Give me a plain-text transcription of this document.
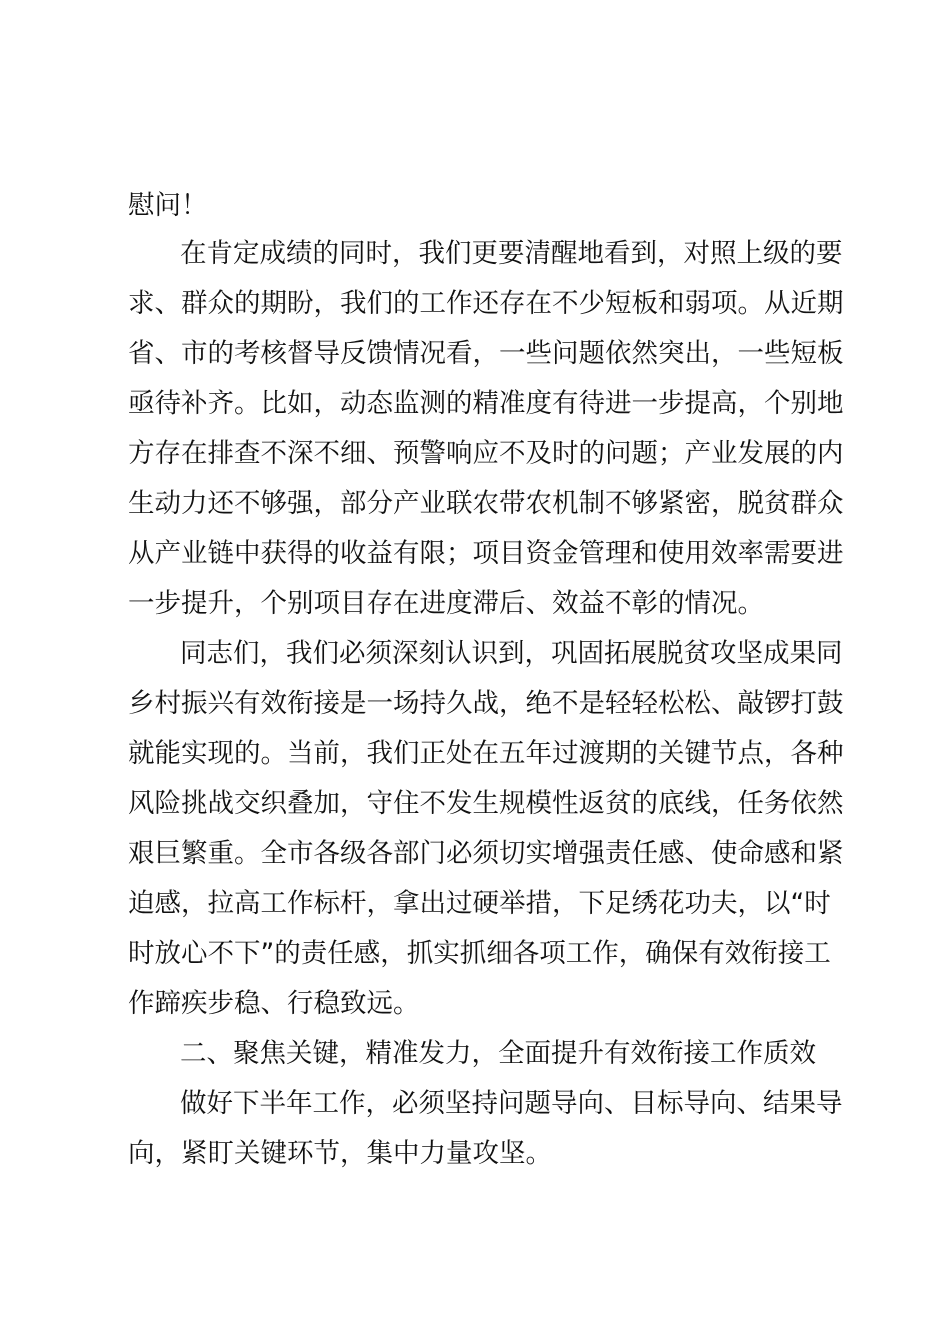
慰问！
在肯定成绩的同时，我们更要清醒地看到，对照上级的要
求、群众的期盼，我们的工作还存在不少短板和弱项。从近期
省、市的考核督导反馈情况看，一些问题依然突出，一些短板
亟待补齐。比如，动态监测的精准度有待进一步提高，个别地
方存在排查不深不细、预警响应不及时的问题；产业发展的内
生动力还不够强，部分产业联农带农机制不够紧密，脱贫群众
从产业链中获得的收益有限；项目资金管理和使用效率需要进
一步提升，个别项目存在进度滞后、效益不彰的情况。
同志们，我们必须深刻认识到，巩固拓展脱贫攻坚成果同
乡村振兴有效衔接是一场持久战，绝不是轻轻松松、敲锣打鼓
就能实现的。当前，我们正处在五年过渡期的关键节点，各种
风险挑战交织叠加，守住不发生规模性返贫的底线，任务依然
艰巨繁重。全市各级各部门必须切实增强责任感、使命感和紧
迫感，拉高工作标杆，拿出过硬举措，下足绣花功夫，以“时
时放心不下”的责任感，抓实抓细各项工作，确保有效衔接工
作蹄疾步稳、行稳致远。
二、聚焦关键，精准发力，全面提升有效衔接工作质效
做好下半年工作，必须坚持问题导向、目标导向、结果导
向，紧盯关键环节，集中力量攻坚。
